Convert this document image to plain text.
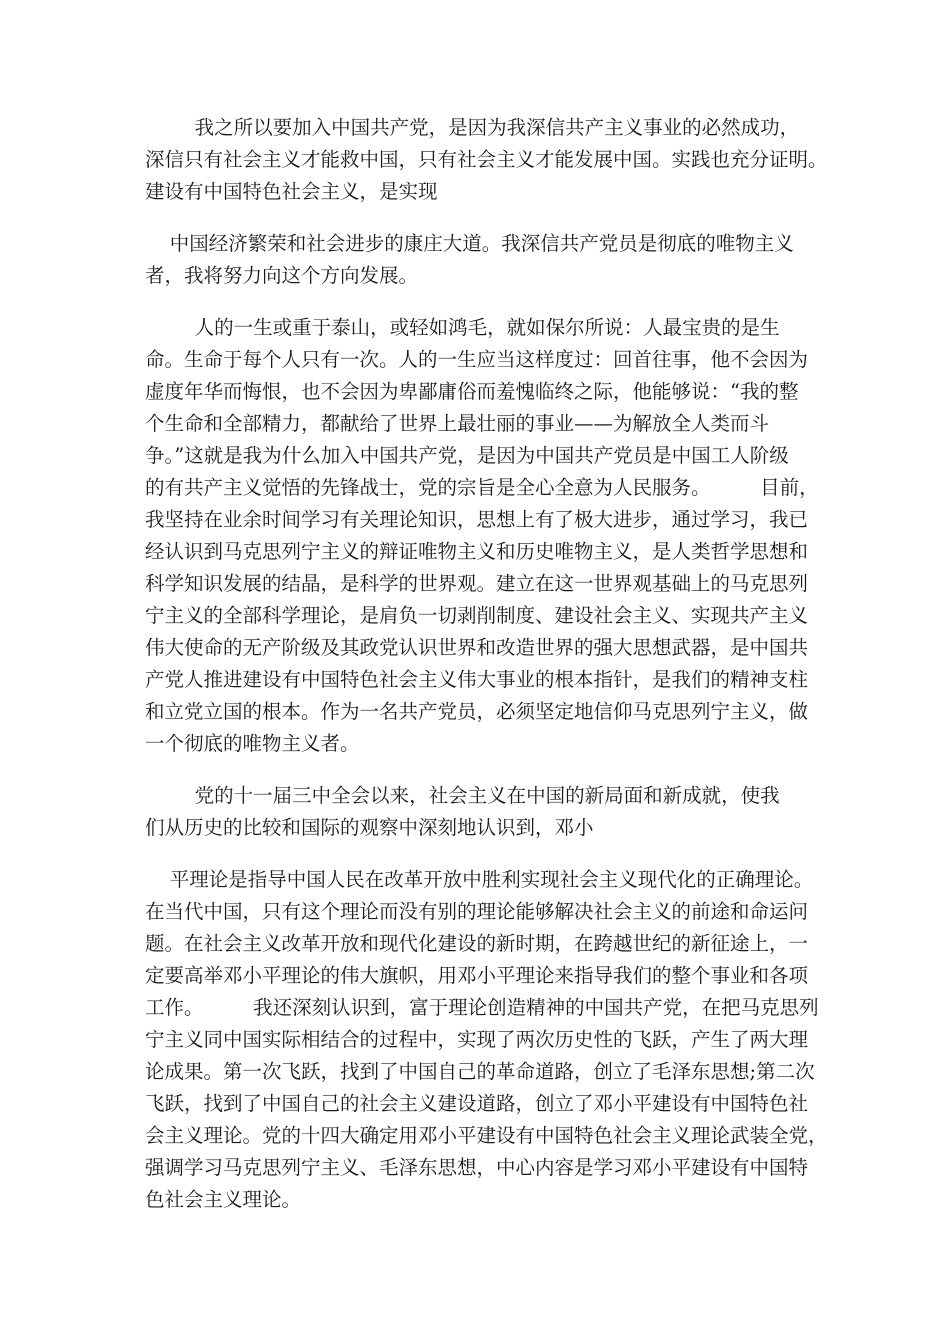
我之所以要加入中国共产党，是因为我深信共产主义事业的必然成功，
深信只有社会主义才能救中国，只有社会主义才能发展中国。实践也充分证明。
建设有中国特色社会主义，是实现

中国经济繁荣和社会进步的康庄大道。我深信共产党员是彻底的唯物主义
者，我将努力向这个方向发展。

人的一生或重于泰山，或轻如鸿毛，就如保尔所说：人最宝贵的是生
命。生命于每个人只有一次。人的一生应当这样度过：回首往事，他不会因为
虚度年华而悔恨，也不会因为卑鄙庸俗而羞愧临终之际，他能够说：“我的整
个生命和全部精力，都献给了世界上最壮丽的事业——为解放全人类而斗
争。”这就是我为什么加入中国共产党，是因为中国共产党员是中国工人阶级
的有共产主义觉悟的先锋战士，党的宗旨是全心全意为人民服务。        目前，
我坚持在业余时间学习有关理论知识，思想上有了极大进步，通过学习，我已
经认识到马克思列宁主义的辩证唯物主义和历史唯物主义，是人类哲学思想和
科学知识发展的结晶，是科学的世界观。建立在这一世界观基础上的马克思列
宁主义的全部科学理论，是肩负一切剥削制度、建设社会主义、实现共产主义
伟大使命的无产阶级及其政党认识世界和改造世界的强大思想武器，是中国共
产党人推进建设有中国特色社会主义伟大事业的根本指针，是我们的精神支柱
和立党立国的根本。作为一名共产党员，必须坚定地信仰马克思列宁主义，做
一个彻底的唯物主义者。

党的十一届三中全会以来，社会主义在中国的新局面和新成就，使我
们从历史的比较和国际的观察中深刻地认识到，邓小

平理论是指导中国人民在改革开放中胜利实现社会主义现代化的正确理论。
在当代中国，只有这个理论而没有别的理论能够解决社会主义的前途和命运问
题。在社会主义改革开放和现代化建设的新时期，在跨越世纪的新征途上，一
定要高举邓小平理论的伟大旗帜，用邓小平理论来指导我们的整个事业和各项
工作。        我还深刻认识到，富于理论创造精神的中国共产党，在把马克思列
宁主义同中国实际相结合的过程中，实现了两次历史性的飞跃，产生了两大理
论成果。第一次飞跃，找到了中国自己的革命道路，创立了毛泽东思想;第二次
飞跃，找到了中国自己的社会主义建设道路，创立了邓小平建设有中国特色社
会主义理论。党的十四大确定用邓小平建设有中国特色社会主义理论武装全党，
强调学习马克思列宁主义、毛泽东思想，中心内容是学习邓小平建设有中国特
色社会主义理论。
